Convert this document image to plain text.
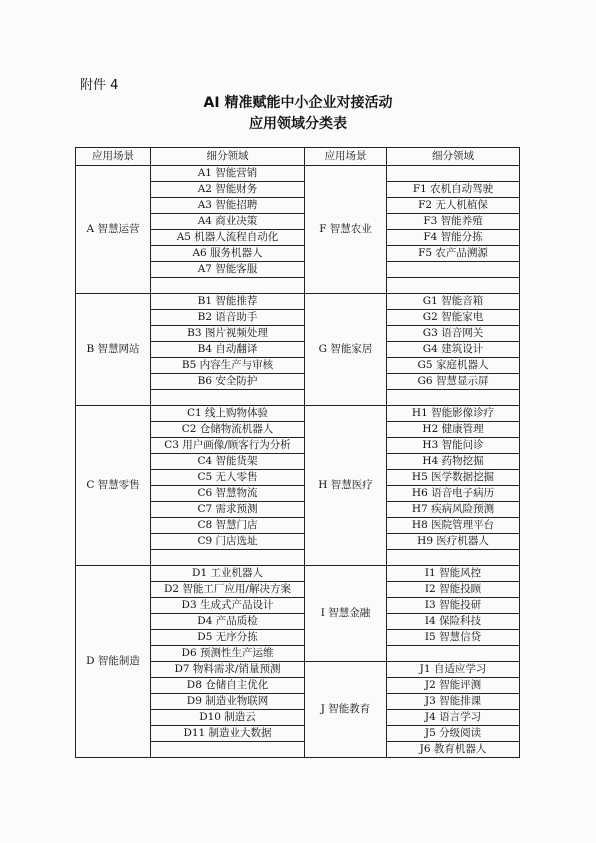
附件 4
AI 精准赋能中小企业对接活动
应用领域分类表
应用场景	细分领域	应用场景	细分领域
A 智慧运营	A1 智能营销	F 智慧农业	
	A2 智能财务		F1 农机自动驾驶
	A3 智能招聘		F2 无人机植保
	A4 商业决策		F3 智能养殖
	A5 机器人流程自动化		F4 智能分拣
	A6 服务机器人		F5 农产品溯源
	A7 智能客服		

B 智慧网站	B1 智能推荐	G 智能家居	G1 智能音箱
	B2 语音助手		G2 智能家电
	B3 图片视频处理		G3 语音网关
	B4 自动翻译		G4 建筑设计
	B5 内容生产与审核		G5 家庭机器人
	B6 安全防护		G6 智慧显示屏

C 智慧零售	C1 线上购物体验	H 智慧医疗	H1 智能影像诊疗
	C2 仓储物流机器人		H2 健康管理
	C3 用户画像/顾客行为分析		H3 智能问诊
	C4 智能货架		H4 药物挖掘
	C5 无人零售		H5 医学数据挖掘
	C6 智慧物流		H6 语音电子病历
	C7 需求预测		H7 疾病风险预测
	C8 智慧门店		H8 医院管理平台
	C9 门店选址		H9 医疗机器人

D 智能制造	D1 工业机器人	I 智慧金融	I1 智能风控
	D2 智能工厂应用/解决方案		I2 智能投顾
	D3 生成式产品设计		I3 智能投研
	D4 产品质检		I4 保险科技
	D5 无序分拣		I5 智慧信贷
	D6 预测性生产运维		
	D7 物料需求/销量预测	J 智能教育	J1 自适应学习
	D8 仓储自主优化		J2 智能评测
	D9 制造业物联网		J3 智能排课
	D10 制造云		J4 语言学习
	D11 制造业大数据		J5 分级阅读
			J6 教育机器人
